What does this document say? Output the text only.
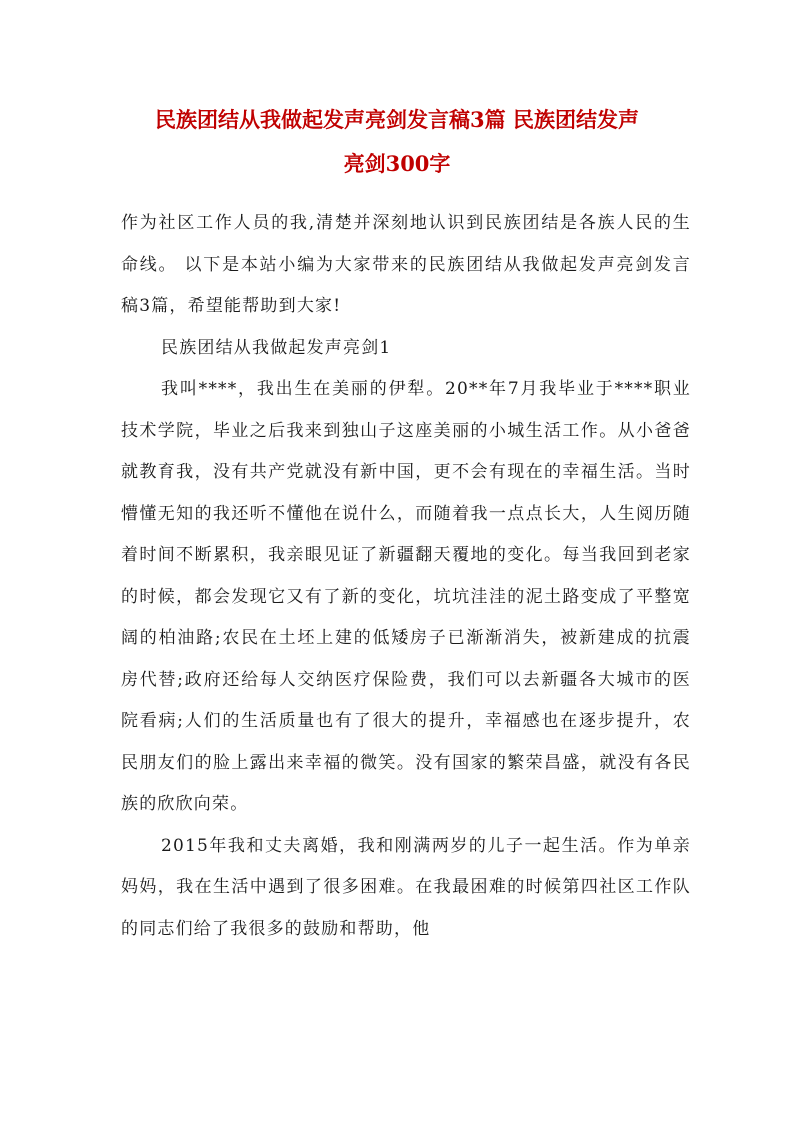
民族团结从我做起发声亮剑发言稿3篇 民族团结发声
亮剑300字

作为社区工作人员的我,清楚并深刻地认识到民族团结是各族人民的生命线。 以下是本站小编为大家带来的民族团结从我做起发声亮剑发言稿3篇，希望能帮助到大家!

民族团结从我做起发声亮剑1

我叫****，我出生在美丽的伊犁。20**年7月我毕业于****职业技术学院，毕业之后我来到独山子这座美丽的小城生活工作。从小爸爸就教育我，没有共产党就没有新中国，更不会有现在的幸福生活。当时懵懂无知的我还听不懂他在说什么，而随着我一点点长大，人生阅历随着时间不断累积，我亲眼见证了新疆翻天覆地的变化。每当我回到老家的时候，都会发现它又有了新的变化，坑坑洼洼的泥土路变成了平整宽阔的柏油路;农民在土坯上建的低矮房子已渐渐消失，被新建成的抗震房代替;政府还给每人交纳医疗保险费，我们可以去新疆各大城市的医院看病;人们的生活质量也有了很大的提升，幸福感也在逐步提升，农民朋友们的脸上露出来幸福的微笑。没有国家的繁荣昌盛，就没有各民族的欣欣向荣。

2015年我和丈夫离婚，我和刚满两岁的儿子一起生活。作为单亲妈妈，我在生活中遇到了很多困难。在我最困难的时候第四社区工作队的同志们给了我很多的鼓励和帮助，他
